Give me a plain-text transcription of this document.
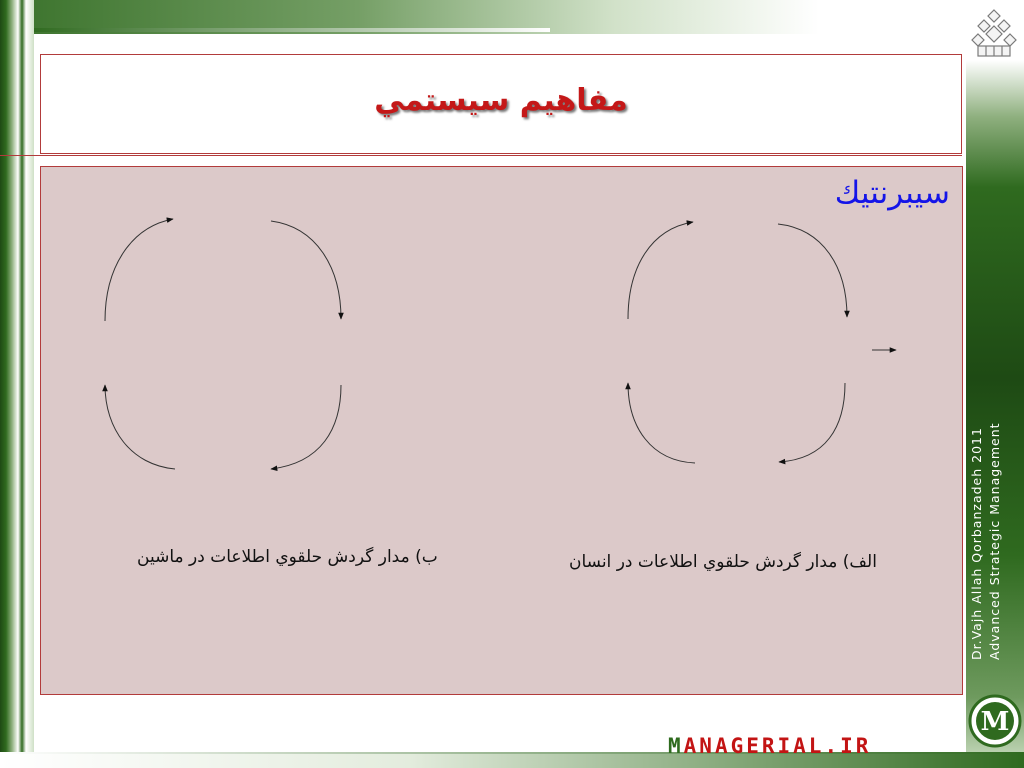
Dr.Vajh Allah Qorbanzadeh 2011 Advanced Strategic Management
M
MANAGERIAL.IR
مفاهيم سيستمي
سيبرنتيك
الف) مدار گردش حلقوي اطلاعات در انسان
ب) مدار گردش حلقوي اطلاعات در ماشين
